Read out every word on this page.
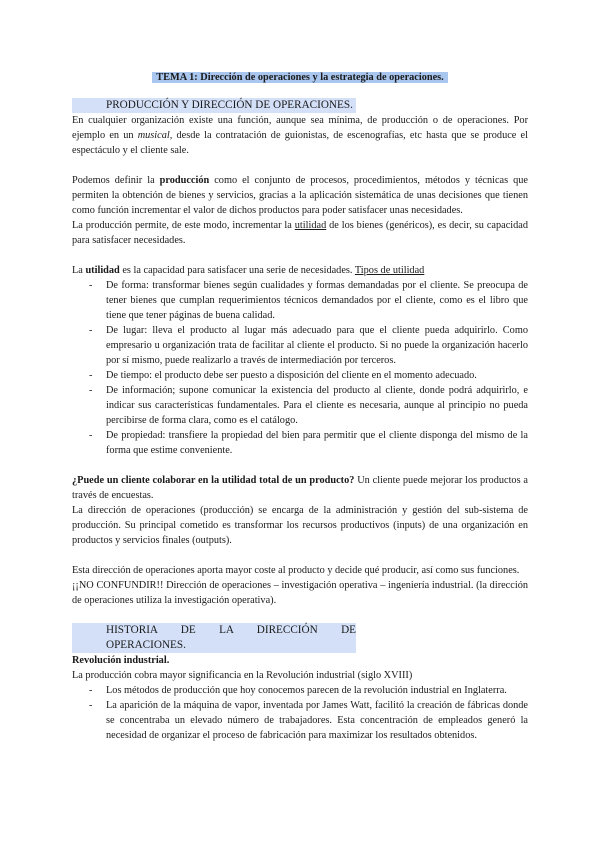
TEMA 1: Dirección de operaciones y la estrategia de operaciones.

PRODUCCIÓN Y DIRECCIÓN DE OPERACIONES.

En cualquier organización existe una función, aunque sea mínima, de producción o de operaciones. Por ejemplo en un musical, desde la contratación de guionistas, de escenografías, etc hasta que se produce el espectáculo y el cliente sale.

Podemos definir la producción como el conjunto de procesos, procedimientos, métodos y técnicas que permiten la obtención de bienes y servicios, gracias a la aplicación sistemática de unas decisiones que tienen como función incrementar el valor de dichos productos para poder satisfacer unas necesidades.

La producción permite, de este modo, incrementar la utilidad de los bienes (genéricos), es decir, su capacidad para satisfacer necesidades.

La utilidad es la capacidad para satisfacer una serie de necesidades. Tipos de utilidad

- De forma: transformar bienes según cualidades y formas demandadas por el cliente. Se preocupa de tener bienes que cumplan requerimientos técnicos demandados por el cliente, como es el libro que tiene que tener páginas de buena calidad.
- De lugar: lleva el producto al lugar más adecuado para que el cliente pueda adquirirlo. Como empresario u organización trata de facilitar al cliente el producto. Si no puede la organización hacerlo por sí mismo, puede realizarlo a través de intermediación por terceros.
- De tiempo: el producto debe ser puesto a disposición del cliente en el momento adecuado.
- De información; supone comunicar la existencia del producto al cliente, donde podrá adquirirlo, e indicar sus características fundamentales. Para el cliente es necesaria, aunque al principio no pueda percibirse de forma clara, como es el catálogo.
- De propiedad: transfiere la propiedad del bien para permitir que el cliente disponga del mismo de la forma que estime conveniente.

¿Puede un cliente colaborar en la utilidad total de un producto? Un cliente puede mejorar los productos a través de encuestas.

La dirección de operaciones (producción) se encarga de la administración y gestión del sub-sistema de producción. Su principal cometido es transformar los recursos productivos (inputs) de una organización en productos y servicios finales (outputs).

Esta dirección de operaciones aporta mayor coste al producto y decide qué producir, así como sus funciones.

¡¡NO CONFUNDIR!! Dirección de operaciones – investigación operativa – ingeniería industrial. (la dirección de operaciones utiliza la investigación operativa).

HISTORIA DE LA DIRECCIÓN DE OPERACIONES.

Revolución industrial.

La producción cobra mayor significancia en la Revolución industrial (siglo XVIII)

- Los métodos de producción que hoy conocemos parecen de la revolución industrial en Inglaterra.
- La aparición de la máquina de vapor, inventada por James Watt, facilitó la creación de fábricas donde se concentraba un elevado número de trabajadores. Esta concentración de empleados generó la necesidad de organizar el proceso de fabricación para maximizar los resultados obtenidos.
